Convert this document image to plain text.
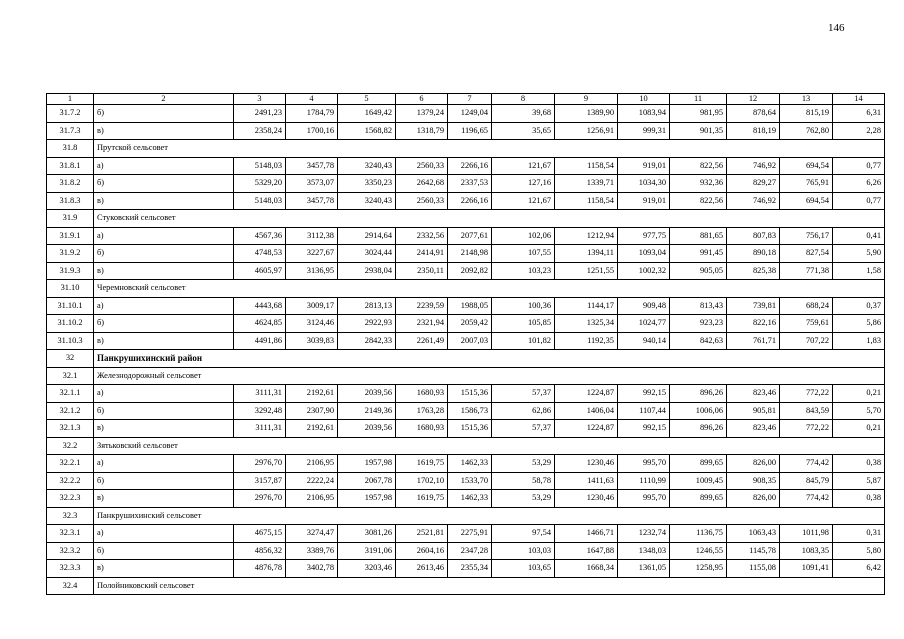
146
1	2	3	4	5	6	7	8	9	10	11	12	13	14
31.7.2	б)	2491,23	1784,79	1649,42	1379,24	1249,04	39,68	1389,90	1083,94	981,95	878,64	815,19	6,31
31.7.3	в)	2358,24	1700,16	1568,82	1318,79	1196,65	35,65	1256,91	999,31	901,35	818,19	762,80	2,28
31.8	Прутской сельсовет												
31.8.1	а)	5148,03	3457,78	3240,43	2560,33	2266,16	121,67	1158,54	919,01	822,56	746,92	694,54	0,77
31.8.2	б)	5329,20	3573,07	3350,23	2642,68	2337,53	127,16	1339,71	1034,30	932,36	829,27	765,91	6,26
31.8.3	в)	5148,03	3457,78	3240,43	2560,33	2266,16	121,67	1158,54	919,01	822,56	746,92	694,54	0,77
31.9	Стуковский сельсовет												
31.9.1	а)	4567,36	3112,38	2914,64	2332,56	2077,61	102,06	1212,94	977,75	881,65	807,83	756,17	0,41
31.9.2	б)	4748,53	3227,67	3024,44	2414,91	2148,98	107,55	1394,11	1093,04	991,45	890,18	827,54	5,90
31.9.3	в)	4605,97	3136,95	2938,04	2350,11	2092,82	103,23	1251,55	1002,32	905,05	825,38	771,38	1,58
31.10	Черемновский сельсовет												
31.10.1	а)	4443,68	3009,17	2813,13	2239,59	1988,05	100,36	1144,17	909,48	813,43	739,81	688,24	0,37
31.10.2	б)	4624,85	3124,46	2922,93	2321,94	2059,42	105,85	1325,34	1024,77	923,23	822,16	759,61	5,86
31.10.3	в)	4491,86	3039,83	2842,33	2261,49	2007,03	101,82	1192,35	940,14	842,63	761,71	707,22	1,83
32	Панкрушихинский район												
32.1	Железнодорожный сельсовет												
32.1.1	а)	3111,31	2192,61	2039,56	1680,93	1515,36	57,37	1224,87	992,15	896,26	823,46	772,22	0,21
32.1.2	б)	3292,48	2307,90	2149,36	1763,28	1586,73	62,86	1406,04	1107,44	1006,06	905,81	843,59	5,70
32.1.3	в)	3111,31	2192,61	2039,56	1680,93	1515,36	57,37	1224,87	992,15	896,26	823,46	772,22	0,21
32.2	Зятьковский сельсовет												
32.2.1	а)	2976,70	2106,95	1957,98	1619,75	1462,33	53,29	1230,46	995,70	899,65	826,00	774,42	0,38
32.2.2	б)	3157,87	2222,24	2067,78	1702,10	1533,70	58,78	1411,63	1110,99	1009,45	908,35	845,79	5,87
32.2.3	в)	2976,70	2106,95	1957,98	1619,75	1462,33	53,29	1230,46	995,70	899,65	826,00	774,42	0,38
32.3	Панкрушихинский сельсовет												
32.3.1	а)	4675,15	3274,47	3081,26	2521,81	2275,91	97,54	1466,71	1232,74	1136,75	1063,43	1011,98	0,31
32.3.2	б)	4856,32	3389,76	3191,06	2604,16	2347,28	103,03	1647,88	1348,03	1246,55	1145,78	1083,35	5,80
32.3.3	в)	4876,78	3402,78	3203,46	2613,46	2355,34	103,65	1668,34	1361,05	1258,95	1155,08	1091,41	6,42
32.4	Полойниковский сельсовет												
